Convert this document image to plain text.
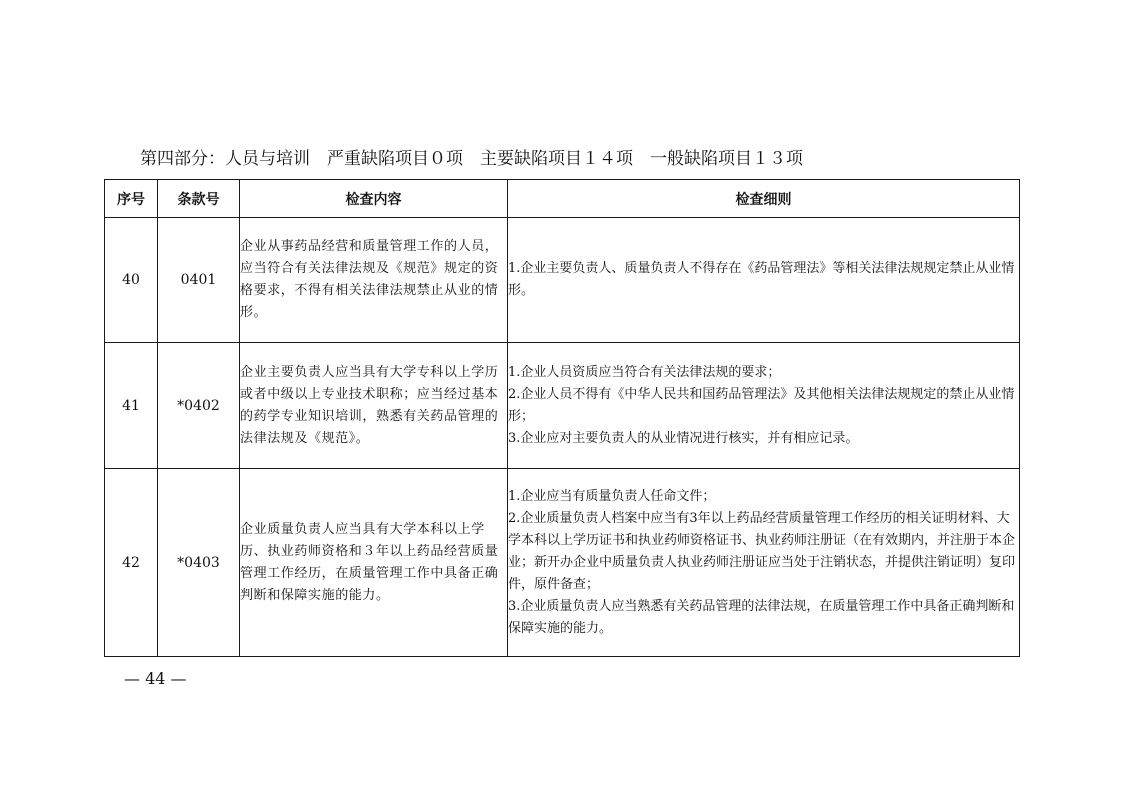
第四部分：人员与培训　严重缺陷项目０项　主要缺陷项目１４项　一般缺陷项目１３项
序号	条款号	检查内容	检查细则
40	0401	企业从事药品经营和质量管理工作的人员，应当符合有关法律法规及《规范》规定的资格要求，不得有相关法律法规禁止从业的情形。	1.企业主要负责人、质量负责人不得存在《药品管理法》等相关法律法规规定禁止从业情形。

41	*0402	企业主要负责人应当具有大学专科以上学历或者中级以上专业技术职称；应当经过基本的药学专业知识培训，熟悉有关药品管理的法律法规及《规范》。	1.企业人员资质应当符合有关法律法规的要求；
2.企业人员不得有《中华人民共和国药品管理法》及其他相关法律法规规定的禁止从业情形；
3.企业应对主要负责人的从业情况进行核实，并有相应记录。

42	*0403	企业质量负责人应当具有大学本科以上学历、执业药师资格和３年以上药品经营质量管理工作经历，在质量管理工作中具备正确判断和保障实施的能力。	1.企业应当有质量负责人任命文件；
2.企业质量负责人档案中应当有3年以上药品经营质量管理工作经历的相关证明材料、大学本科以上学历证书和执业药师资格证书、执业药师注册证（在有效期内，并注册于本企业；新开办企业中质量负责人执业药师注册证应当处于注销状态，并提供注销证明）复印件，原件备查；
3.企业质量负责人应当熟悉有关药品管理的法律法规，在质量管理工作中具备正确判断和保障实施的能力。
— 44 —
